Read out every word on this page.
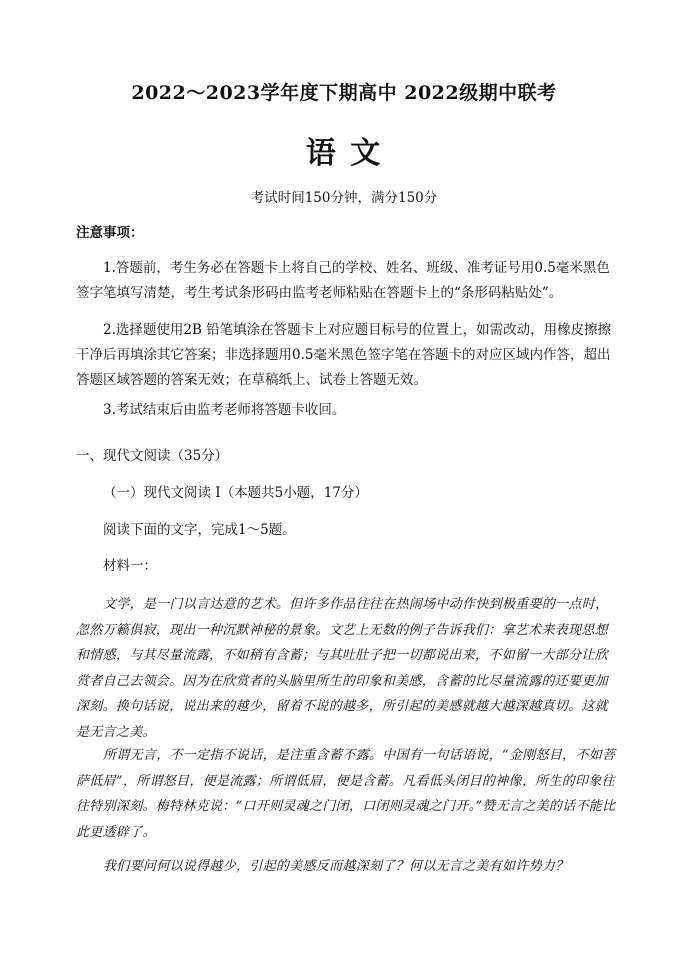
2022～2023学年度下期高中 2022级期中联考
语 文
考试时间150分钟，满分150分
注意事项：
1.答题前，考生务必在答题卡上将自己的学校、姓名、班级、准考证号用0.5毫米黑色签字笔填写清楚，考生考试条形码由监考老师粘贴在答题卡上的“条形码粘贴处”。
2.选择题使用2B 铅笔填涂在答题卡上对应题目标号的位置上，如需改动，用橡皮擦擦干净后再填涂其它答案；非选择题用0.5毫米黑色签字笔在答题卡的对应区域内作答，超出答题区域答题的答案无效；在草稿纸上、试卷上答题无效。
3.考试结束后由监考老师将答题卡收回。
一、现代文阅读（35分）
（一）现代文阅读 I（本题共5小题，17分）
阅读下面的文字，完成1～5题。
材料一：
文学，是一门以言达意的艺术。但许多作品往往在热闹场中动作快到极重要的一点时，忽然万籁俱寂，现出一种沉默神秘的景象。文艺上无数的例子告诉我们：拿艺术来表现思想和情感，与其尽量流露，不如稍有含蓄；与其吐肚子把一切都说出来，不如留一大部分让欣赏者自己去领会。因为在欣赏者的头脑里所生的印象和美感，含蓄的比尽量流露的还要更加深刻。换句话说，说出来的越少，留着不说的越多，所引起的美感就越大越深越真切。这就是无言之美。
所谓无言，不一定指不说话，是注重含蓄不露。中国有一句话语说，“金刚怒目，不如菩萨低眉”，所谓怒目，便是流露；所谓低眉，便是含蓄。凡看低头闭目的神像，所生的印象往往特别深刻。梅特林克说：“口开则灵魂之门闭，口闭则灵魂之门开。”赞无言之美的话不能比此更透辟了。
我们要问何以说得越少，引起的美感反而越深刻了？何以无言之美有如许势力？
